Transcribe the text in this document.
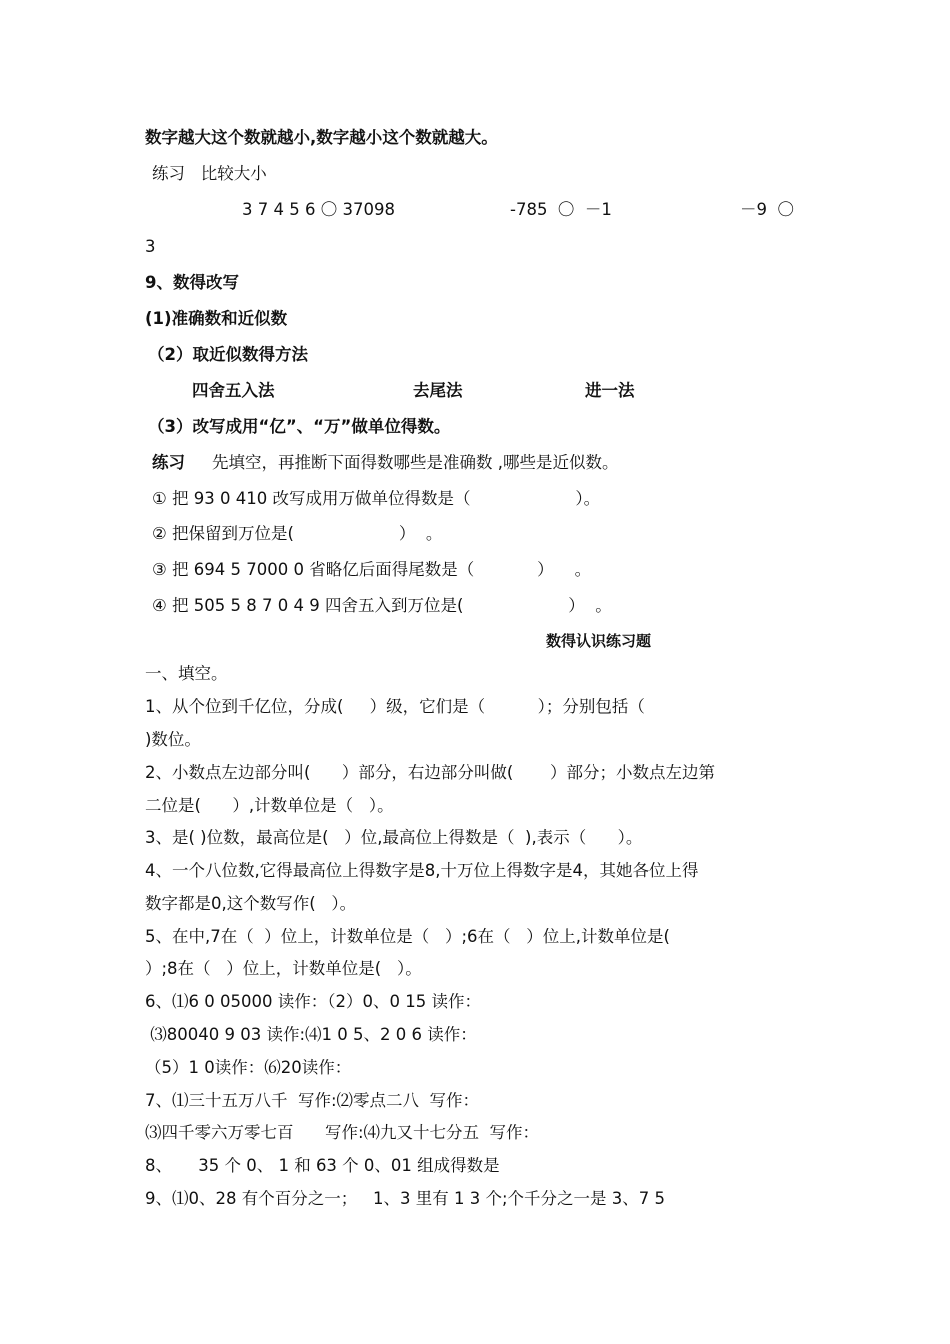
数字越大这个数就越小,数字越小这个数就越大。
练习   比较大小
3 7 4 5 6 〇 37098	-785  〇  －1	－9  〇
3
9、数得改写
(1)准确数和近似数
（2）取近似数得方法
四舍五入法	去尾法	进一法
（3）改写成用“亿”、“万”做单位得数。
练习 先填空，再推断下面得数哪些是准确数 ,哪些是近似数。
① 把 93 0 410 改写成用万做单位得数是（                    ）。
② 把保留到万位是(                    ）  。
③ 把 694 5 7000 0 省略亿后面得尾数是（            ）    。
④ 把 505 5 8 7 0 4 9 四舍五入到万位是(                    ）  。
数得认识练习题
一、填空。
1、从个位到千亿位，分成(     ）级，它们是（          ）；分别包括（
)数位。
2、小数点左边部分叫(      ）部分，右边部分叫做(       ）部分；小数点左边第
二位是(      ）,计数单位是（   ）。
3、是( )位数，最高位是(   ）位,最高位上得数是（  ),表示（      ）。
4、一个八位数,它得最高位上得数字是8,十万位上得数字是4，其她各位上得
数字都是0,这个数写作(   ）。
5、在中,7在（  ）位上，计数单位是（   ）;6在（   ）位上,计数单位是(
）;8在（   ）位上，计数单位是(   ）。
6、⑴6 0 05000 读作：（2）0、0 15 读作：
⑶80040 9 03 读作:⑷1 0 5、2 0 6 读作：
（5）1 0读作：⑹20读作：
7、⑴三十五万八千  写作:⑵零点二八  写作：
⑶四千零六万零七百      写作:⑷九又十七分五  写作：
8、     35 个 0、 1 和 63 个 0、01 组成得数是
9、⑴0、28 有个百分之一；   1、3 里有 1 3 个;个千分之一是 3、7 5
